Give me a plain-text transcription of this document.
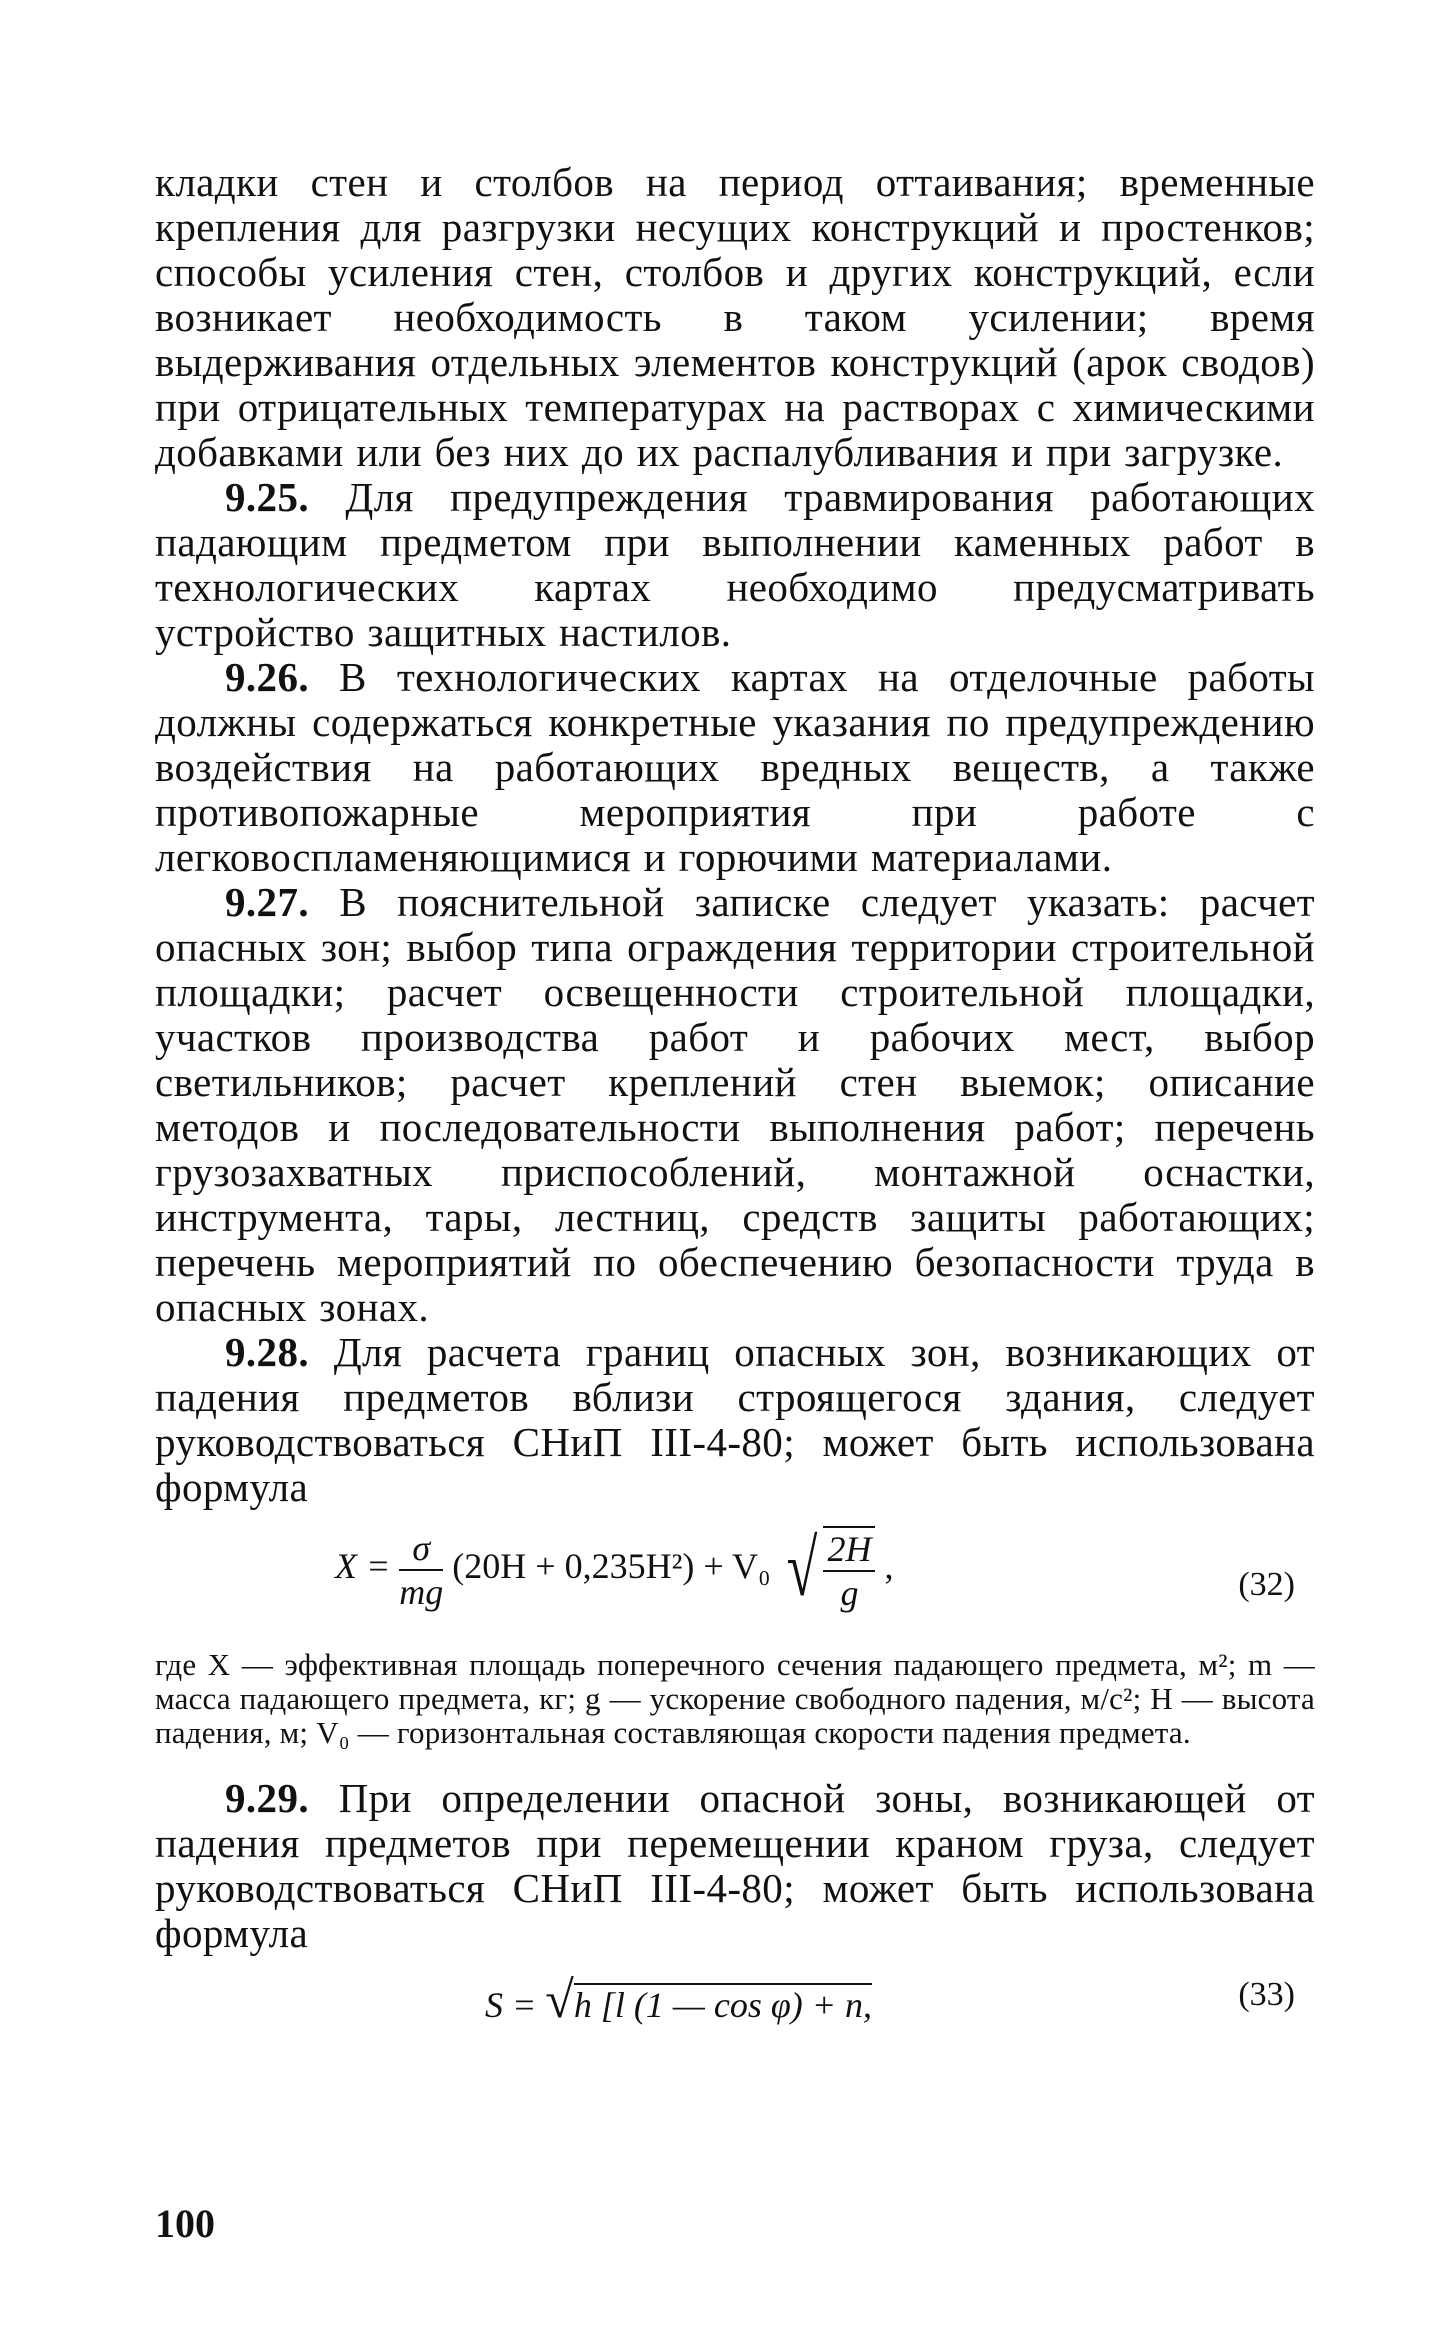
кладки стен и столбов на период оттаивания; временные крепления для разгрузки несущих конструкций и простенков; способы усиления стен, столбов и других конструкций, если возникает необходимость в таком усилении; время выдерживания отдельных элементов конструкций (арок сводов) при отрицательных температурах на растворах с химическими добавками или без них до их распалубливания и при загрузке.

9.25. Для предупреждения травмирования работающих падающим предметом при выполнении каменных работ в технологических картах необходимо предусматривать устройство защитных настилов.

9.26. В технологических картах на отделочные работы должны содержаться конкретные указания по предупреждению воздействия на работающих вредных веществ, а также противопожарные мероприятия при работе с легковоспламеняющимися и горючими материалами.

9.27. В пояснительной записке следует указать: расчет опасных зон; выбор типа ограждения территории строительной площадки; расчет освещенности строительной площадки, участков производства работ и рабочих мест, выбор светильников; расчет креплений стен выемок; описание методов и последовательности выполнения работ; перечень грузозахватных приспособлений, монтажной оснастки, инструмента, тары, лестниц, средств защиты работающих; перечень мероприятий по обеспечению безопасности труда в опасных зонах.

9.28. Для расчета границ опасных зон, возникающих от падения предметов вблизи строящегося здания, следует руководствоваться СНиП III-4-80; может быть использована формула

$X = \frac{\sigma}{mg} (20H + 0,235H^2) + V_0$ √ $\frac{2H}{g}$ ,	(32)

где X — эффективная площадь поперечного сечения падающего предмета, м²; m — масса падающего предмета, кг; g — ускорение свободного падения, м/с²; H — высота падения, м; V₀ — горизонтальная составляющая скорости падения предмета.

9.29. При определении опасной зоны, возникающей от падения предметов при перемещении краном груза, следует руководствоваться СНиП III-4-80; может быть использована формула

S = √h [l (1 — cos φ) + n,	(33)
100
